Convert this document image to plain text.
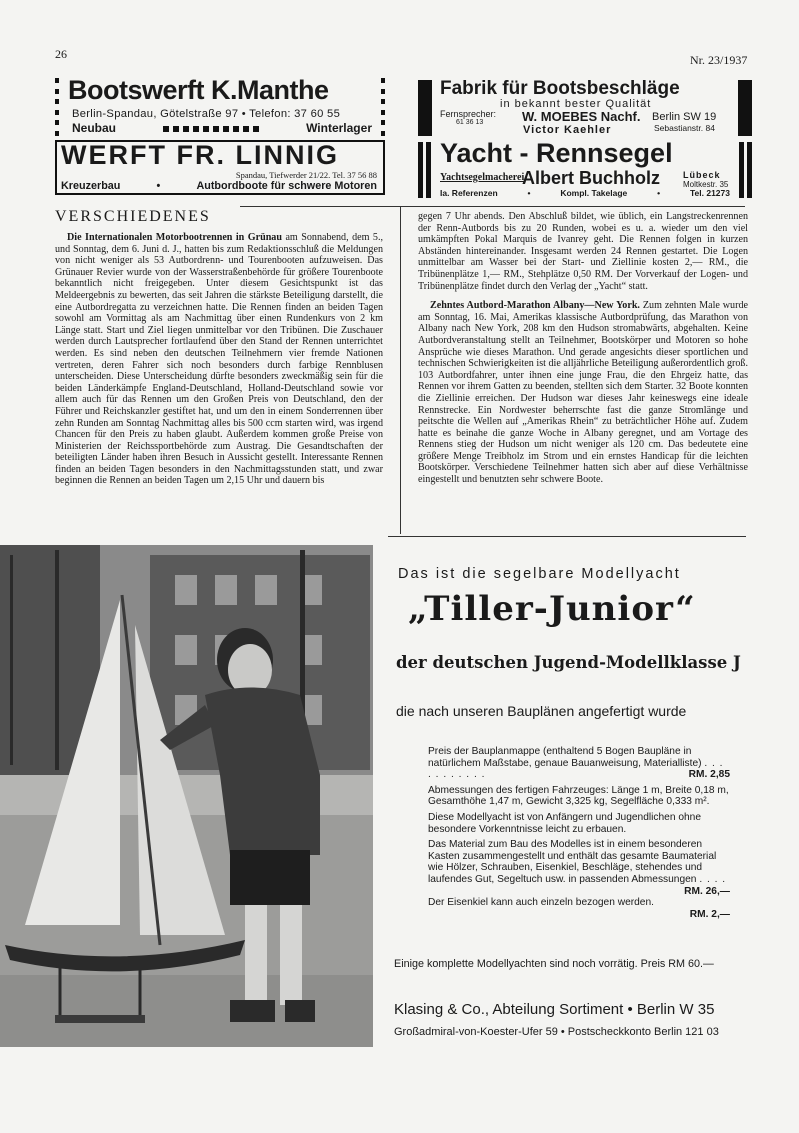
26	Nr. 23/1937
Bootswerft K.Manthe
Berlin-Spandau, Götelstraße 97 • Telefon: 37 60 55
Neubau	Winterlager
WERFT FR. LINNIG
Spandau, Tiefwerder 21/22. Tel. 37 56 88
Kreuzerbau	•	Autbordboote für schwere Motoren
Fabrik für Bootsbeschläge
in bekannt bester Qualität
Fernsprecher:
61 36 13	W. MOEBES Nachf. Berlin SW 19
Sebastianstr. 84
Victor Kaehler
Yacht - Rennsegel
Yachtsegelmacherei
Albert Buchholz	Lübeck
Moltkestr. 35
Ia. Referenzen	•	Kompl. Takelage	•	Tel. 21273
VERSCHIEDENES

Die Internationalen Motorbootrennen in Grünau am Sonnabend, dem 5., und Sonntag, dem 6. Juni d. J., hatten bis zum Redaktionsschluß die Meldungen von nicht weniger als 53 Autbordrenn- und Tourenbooten aufzuweisen. Das Grünauer Revier wurde von der Wasserstraßenbehörde für größere Tourenboote bekanntlich nicht freigegeben. Unter diesem Gesichtspunkt ist das Meldeergebnis zu bewerten, das seit Jahren die stärkste Beteiligung darstellt, die eine Autbordregatta zu verzeichnen hatte. Die Rennen finden an beiden Tagen sowohl am Vormittag als am Nachmittag über einen Rundenkurs von 2 km Länge statt. Start und Ziel liegen unmittelbar vor den Tribünen. Die Zuschauer werden durch Lautsprecher fortlaufend über den Stand der Rennen unterrichtet werden. Es sind neben den deutschen Teilnehmern vier fremde Nationen vertreten, deren Fahrer sich noch besonders durch farbige Rennblusen unterscheiden. Diese Unterscheidung dürfte besonders zweckmäßig sein für die beiden Länderkämpfe England-Deutschland, Holland-Deutschland sowie vor allem auch für das Rennen um den Großen Preis von Deutschland, den der Führer und Reichskanzler gestiftet hat, und um den in einem Sonderrennen über zehn Runden am Sonntag Nachmittag alles bis 500 ccm starten wird, was irgend Chancen für den Preis zu haben glaubt. Außerdem kommen große Preise von Ministerien der Reichssportbehörde zum Austrag. Die Gesandtschaften der beteiligten Länder haben ihren Besuch in Aussicht gestellt. Interessante Rennen finden an beiden Tagen besonders in den Nachmittagsstunden statt, und zwar beginnen die Rennen an beiden Tagen um 2,15 Uhr und dauern bis

gegen 7 Uhr abends. Den Abschluß bildet, wie üblich, ein Langstreckenrennen der Renn-Autbords bis zu 20 Runden, wobei es u. a. wieder um den viel umkämpften Pokal Marquis de Ivanrey geht. Die Rennen folgen in kurzen Abständen hintereinander. Insgesamt werden 24 Rennen gestartet. Die Logen unmittelbar am Wasser bei der Start- und Ziellinie kosten 2,— RM., die Tribünenplätze 1,— RM., Stehplätze 0,50 RM. Der Vorverkauf der Logen- und Tribünenplätze findet durch den Verlag der „Yacht“ statt.

Zehntes Autbord-Marathon Albany—New York. Zum zehnten Male wurde am Sonntag, 16. Mai, Amerikas klassische Autbordprüfung, das Marathon von Albany nach New York, 208 km den Hudson stromabwärts, abgehalten. Keine Autbordveranstaltung stellt an Teilnehmer, Bootskörper und Motoren so hohe Ansprüche wie dieses Marathon. Und gerade angesichts dieser sportlichen und technischen Schwierigkeiten ist die alljährliche Beteiligung außerordentlich groß. 103 Autbordfahrer, unter ihnen eine junge Frau, die den Ehrgeiz hatte, das Rennen vor ihrem Gatten zu beenden, stellten sich dem Starter. 32 Boote konnten die Ziellinie erreichen. Der Hudson war dieses Jahr keineswegs eine ideale Rennstrecke. Ein Nordwester beherrschte fast die ganze Stromlänge und peitschte die Wellen auf „Amerikas Rhein“ zu beträchtlicher Höhe auf. Zudem hatte es beinahe die ganze Woche in Albany geregnet, und am Vortage des Rennens stieg der Hudson um nicht weniger als 120 cm. Das bedeutete eine größere Menge Treibholz im Strom und ein ernstes Handicap für die leichten Bootskörper. Verschiedene Teilnehmer hatten sich aber auf diese Verhältnisse eingestellt und benutzten sehr schwere Boote.

Das ist die segelbare Modellyacht
„Tiller-Junior“
der deutschen Jugend-Modellklasse J
die nach unseren Bauplänen angefertigt wurde
Preis der Bauplanmappe (enthaltend 5 Bogen Baupläne in natürlichem Maßstabe, genaue Bauanweisung, Materialliste) . . . . . . . . . . .	RM. 2,85
Abmessungen des fertigen Fahrzeuges: Länge 1 m, Breite 0,18 m, Gesamthöhe 1,47 m, Gewicht 3,325 kg, Segelfläche 0,333 m².
Diese Modellyacht ist von Anfängern und Jugendlichen ohne besondere Vorkenntnisse leicht zu erbauen.
Das Material zum Bau des Modelles ist in einem besonderen Kasten zusammengestellt und enthält das gesamte Baumaterial wie Hölzer, Schrauben, Eisenkiel, Beschläge, stehendes und laufendes Gut, Segeltuch usw. in passenden Abmessungen . . . .
RM. 26,—
Der Eisenkiel kann auch einzeln bezogen werden.
RM. 2,—
Einige komplette Modellyachten sind noch vorrätig. Preis RM 60.—
Klasing & Co., Abteilung Sortiment • Berlin W 35
Großadmiral-von-Koester-Ufer 59 • Postscheckkonto Berlin 121 03
